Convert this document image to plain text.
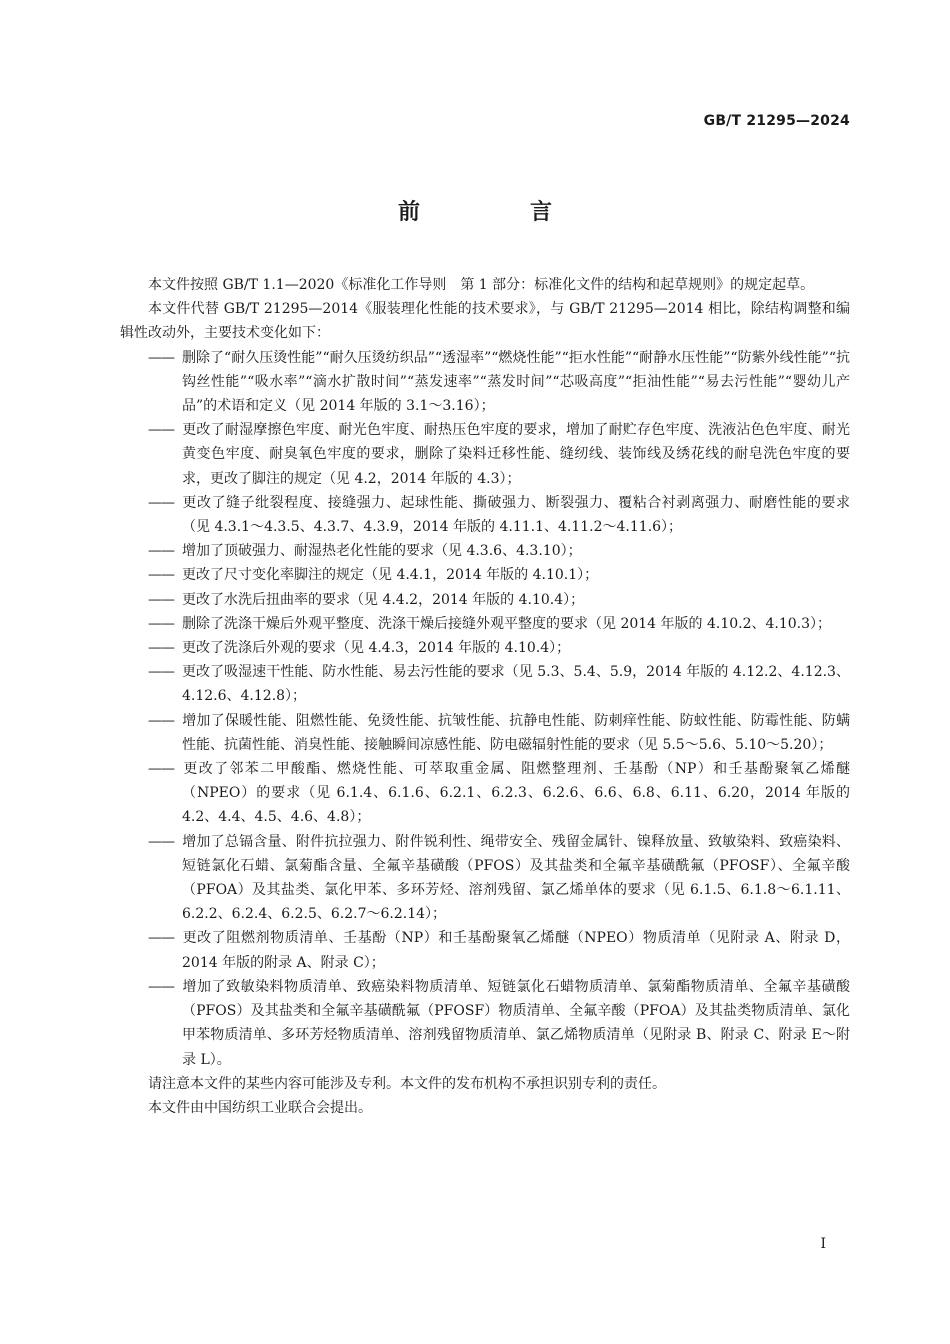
GB/T 21295—2024
前　言

本文件按照 GB/T 1.1—2020《标准化工作导则　第 1 部分：标准化文件的结构和起草规则》的规定起草。

本文件代替 GB/T 21295—2014《服装理化性能的技术要求》，与 GB/T 21295—2014 相比，除结构调整和编辑性改动外，主要技术变化如下：

—— 删除了“耐久压烫性能”“耐久压烫纺织品”“透湿率”“燃烧性能”“拒水性能”“耐静水压性能”“防紫外线性能”“抗钩丝性能”“吸水率”“滴水扩散时间”“蒸发速率”“蒸发时间”“芯吸高度”“拒油性能”“易去污性能”“婴幼儿产品”的术语和定义（见 2014 年版的 3.1～3.16）；
—— 更改了耐湿摩擦色牢度、耐光色牢度、耐热压色牢度的要求，增加了耐贮存色牢度、洗液沾色色牢度、耐光黄变色牢度、耐臭氧色牢度的要求，删除了染料迁移性能、缝纫线、装饰线及绣花线的耐皂洗色牢度的要求，更改了脚注的规定（见 4.2，2014 年版的 4.3）；
—— 更改了缝子纰裂程度、接缝强力、起球性能、撕破强力、断裂强力、覆粘合衬剥离强力、耐磨性能的要求（见 4.3.1～4.3.5、4.3.7、4.3.9，2014 年版的 4.11.1、4.11.2～4.11.6）；
—— 增加了顶破强力、耐湿热老化性能的要求（见 4.3.6、4.3.10）；
—— 更改了尺寸变化率脚注的规定（见 4.4.1，2014 年版的 4.10.1）；
—— 更改了水洗后扭曲率的要求（见 4.4.2，2014 年版的 4.10.4）；
—— 删除了洗涤干燥后外观平整度、洗涤干燥后接缝外观平整度的要求（见 2014 年版的 4.10.2、4.10.3）；
—— 更改了洗涤后外观的要求（见 4.4.3，2014 年版的 4.10.4）；
—— 更改了吸湿速干性能、防水性能、易去污性能的要求（见 5.3、5.4、5.9，2014 年版的 4.12.2、4.12.3、4.12.6、4.12.8）；
—— 增加了保暖性能、阻燃性能、免烫性能、抗皱性能、抗静电性能、防刺痒性能、防蚊性能、防霉性能、防螨性能、抗菌性能、消臭性能、接触瞬间凉感性能、防电磁辐射性能的要求（见 5.5～5.6、5.10～5.20）；
—— 更改了邻苯二甲酸酯、燃烧性能、可萃取重金属、阻燃整理剂、壬基酚（NP）和壬基酚聚氧乙烯醚（NPEO）的要求（见 6.1.4、6.1.6、6.2.1、6.2.3、6.2.6、6.6、6.8、6.11、6.20，2014 年版的 4.2、4.4、4.5、4.6、4.8）；
—— 增加了总镉含量、附件抗拉强力、附件锐利性、绳带安全、残留金属针、镍释放量、致敏染料、致癌染料、短链氯化石蜡、氯菊酯含量、全氟辛基磺酸（PFOS）及其盐类和全氟辛基磺酰氟（PFOSF）、全氟辛酸（PFOA）及其盐类、氯化甲苯、多环芳烃、溶剂残留、氯乙烯单体的要求（见 6.1.5、6.1.8～6.1.11、6.2.2、6.2.4、6.2.5、6.2.7～6.2.14）；
—— 更改了阻燃剂物质清单、壬基酚（NP）和壬基酚聚氧乙烯醚（NPEO）物质清单（见附录 A、附录 D，2014 年版的附录 A、附录 C）；
—— 增加了致敏染料物质清单、致癌染料物质清单、短链氯化石蜡物质清单、氯菊酯物质清单、全氟辛基磺酸（PFOS）及其盐类和全氟辛基磺酰氟（PFOSF）物质清单、全氟辛酸（PFOA）及其盐类物质清单、氯化甲苯物质清单、多环芳烃物质清单、溶剂残留物质清单、氯乙烯物质清单（见附录 B、附录 C、附录 E～附录 L）。

请注意本文件的某些内容可能涉及专利。本文件的发布机构不承担识别专利的责任。

本文件由中国纺织工业联合会提出。

I
